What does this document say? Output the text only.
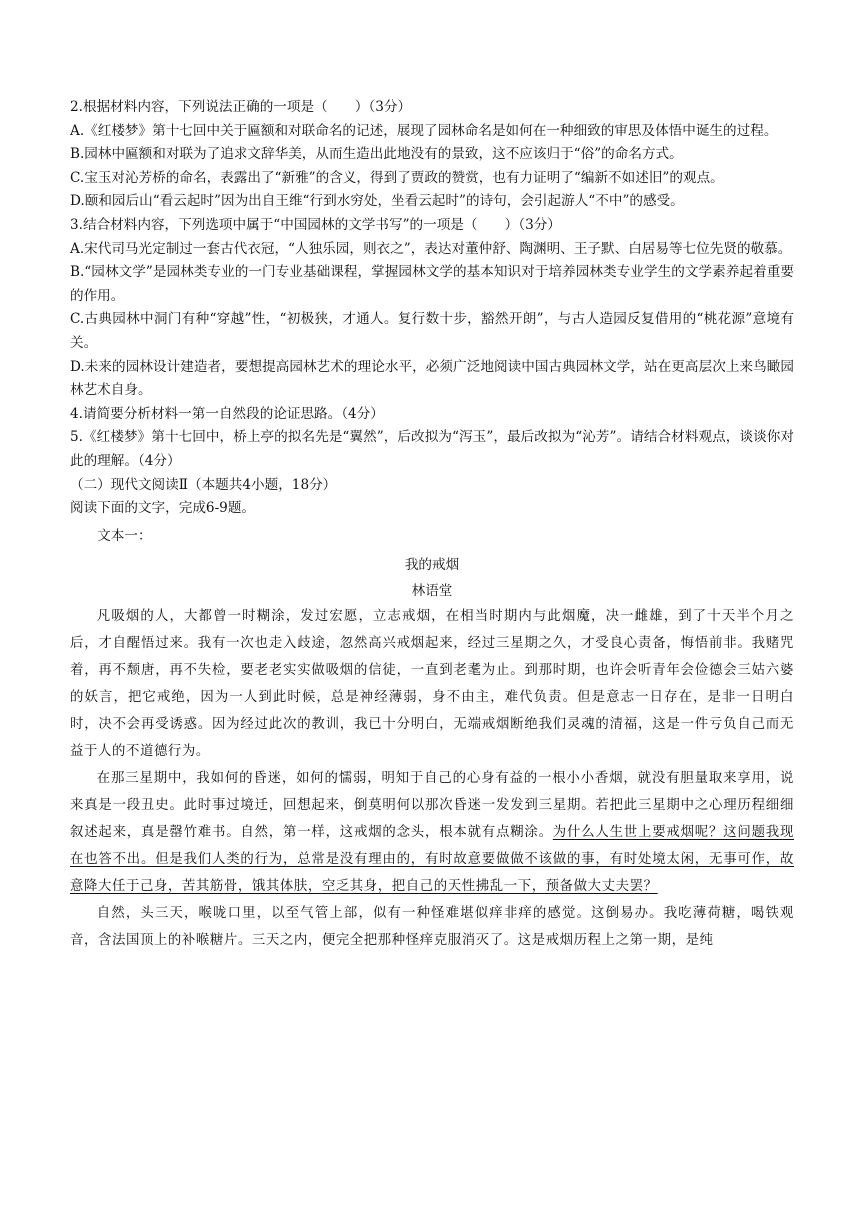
2.根据材料内容，下列说法正确的一项是（　　）（3分）

A.《红楼梦》第十七回中关于匾额和对联命名的记述，展现了园林命名是如何在一种细致的审思及体悟中诞生的过程。

B.园林中匾额和对联为了追求文辞华美，从而生造出此地没有的景致，这不应该归于“俗”的命名方式。

C.宝玉对沁芳桥的命名，表露出了“新雅”的含义，得到了贾政的赞赏，也有力证明了“编新不如述旧”的观点。

D.颐和园后山“看云起时”因为出自王维“行到水穷处，坐看云起时”的诗句，会引起游人“不中”的感受。

3.结合材料内容，下列选项中属于“中国园林的文学书写”的一项是（　　）（3分）

A.宋代司马光定制过一套古代衣冠，“人独乐园，则衣之”，表达对董仲舒、陶渊明、王子默、白居易等七位先贤的敬慕。

B.“园林文学”是园林类专业的一门专业基础课程，掌握园林文学的基本知识对于培养园林类专业学生的文学素养起着重要的作用。

C.古典园林中洞门有种“穿越”性，“初极狭，才通人。复行数十步，豁然开朗”，与古人造园反复借用的“桃花源”意境有关。

D.未来的园林设计建造者，要想提高园林艺术的理论水平，必须广泛地阅读中国古典园林文学，站在更高层次上来鸟瞰园林艺术自身。

4.请简要分析材料一第一自然段的论证思路。（4分）

5.《红楼梦》第十七回中，桥上亭的拟名先是“翼然”，后改拟为“泻玉”，最后改拟为“沁芳”。请结合材料观点，谈谈你对此的理解。（4分）

（二）现代文阅读Ⅱ（本题共4小题，18分）

阅读下面的文字，完成6-9题。

文本一：

我的戒烟

林语堂

凡吸烟的人，大都曾一时糊涂，发过宏愿，立志戒烟，在相当时期内与此烟魔，决一雌雄，到了十天半个月之后，才自醒悟过来。我有一次也走入歧途，忽然高兴戒烟起来，经过三星期之久，才受良心责备，悔悟前非。我赌咒着，再不颓唐，再不失检，要老老实实做吸烟的信徒，一直到老耄为止。到那时期，也许会听青年会俭德会三姑六婆的妖言，把它戒绝，因为一人到此时候，总是神经薄弱，身不由主，难代负责。但是意志一日存在，是非一日明白时，决不会再受诱惑。因为经过此次的教训，我已十分明白，无端戒烟断绝我们灵魂的清福，这是一件亏负自己而无益于人的不道德行为。

在那三星期中，我如何的昏迷，如何的懦弱，明知于自己的心身有益的一根小小香烟，就没有胆量取来享用，说来真是一段丑史。此时事过境迁，回想起来，倒莫明何以那次昏迷一发发到三星期。若把此三星期中之心理历程细细叙述起来，真是罄竹难书。自然，第一样，这戒烟的念头，根本就有点糊涂。为什么人生世上要戒烟呢？这问题我现在也答不出。但是我们人类的行为，总常是没有理由的，有时故意要做做不该做的事，有时处境太闲，无事可作，故意降大任于己身，苦其筋骨，饿其体肤，空乏其身，把自己的天性拂乱一下，预备做大丈夫罢？

自然，头三天，喉咙口里，以至气管上部，似有一种怪难堪似痒非痒的感觉。这倒易办。我吃薄荷糖，喝铁观音，含法国顶上的补喉糖片。三天之内，便完全把那种怪痒克服消灭了。这是戒烟历程上之第一期，是纯
